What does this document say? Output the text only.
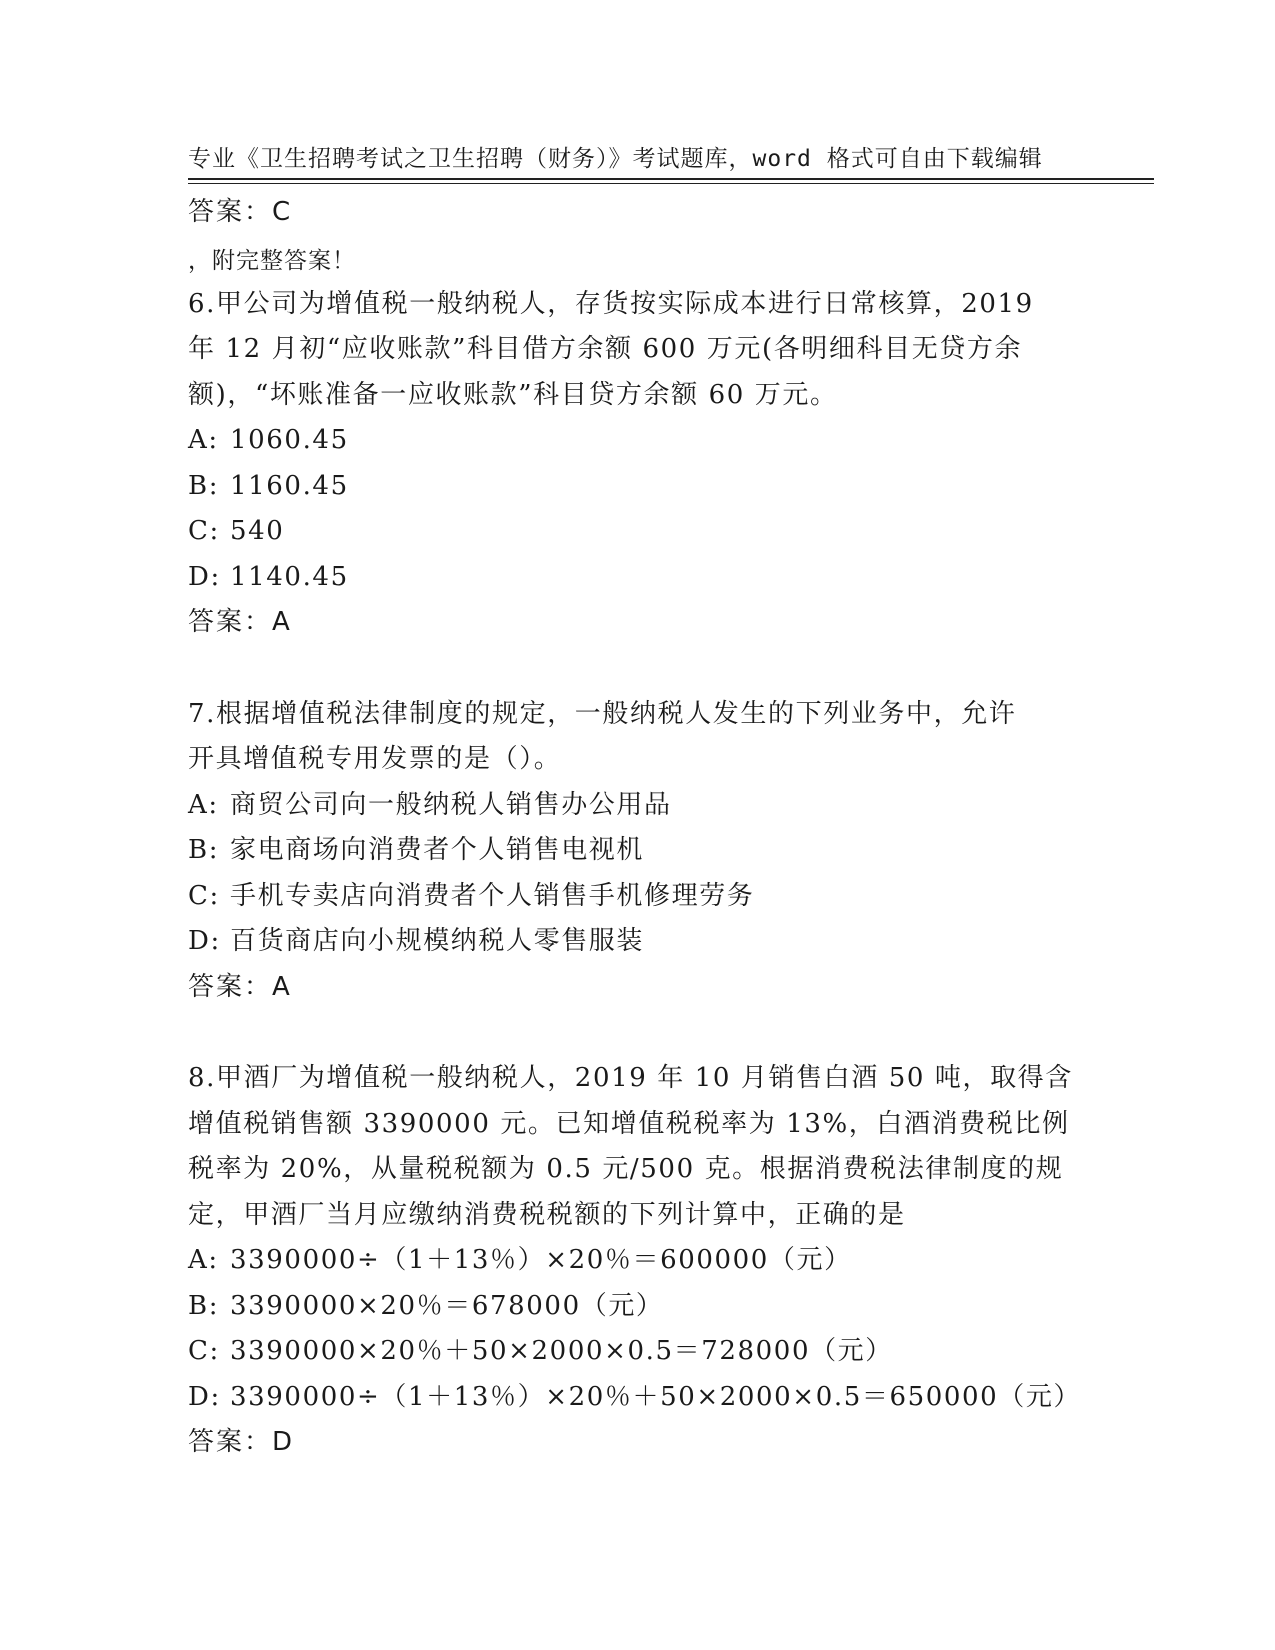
专业《卫生招聘考试之卫生招聘（财务）》考试题库，word 格式可自由下载编辑

，附完整答案！

答案：C
6.甲公司为增值税一般纳税人，存货按实际成本进行日常核算，2019
年 12 月初“应收账款”科目借方余额 600 万元(各明细科目无贷方余
额)，“坏账准备一应收账款”科目贷方余额 60 万元。
A: 1060.45
B: 1160.45
C: 540
D: 1140.45
答案：A
7.根据增值税法律制度的规定，一般纳税人发生的下列业务中，允许
开具增值税专用发票的是（）。
A: 商贸公司向一般纳税人销售办公用品
B: 家电商场向消费者个人销售电视机
C: 手机专卖店向消费者个人销售手机修理劳务
D: 百货商店向小规模纳税人零售服装
答案：A
8.甲酒厂为增值税一般纳税人，2019 年 10 月销售白酒 50 吨，取得含
增值税销售额 3390000 元。已知增值税税率为 13%，白酒消费税比例
税率为 20%，从量税税额为 0.5 元/500 克。根据消费税法律制度的规
定，甲酒厂当月应缴纳消费税税额的下列计算中，正确的是
A: 3390000÷（1＋13％）×20％＝600000（元）
B: 3390000×20％＝678000（元）
C: 3390000×20％＋50×2000×0.5＝728000（元）
D: 3390000÷（1＋13％）×20％＋50×2000×0.5＝650000（元）
答案：D
